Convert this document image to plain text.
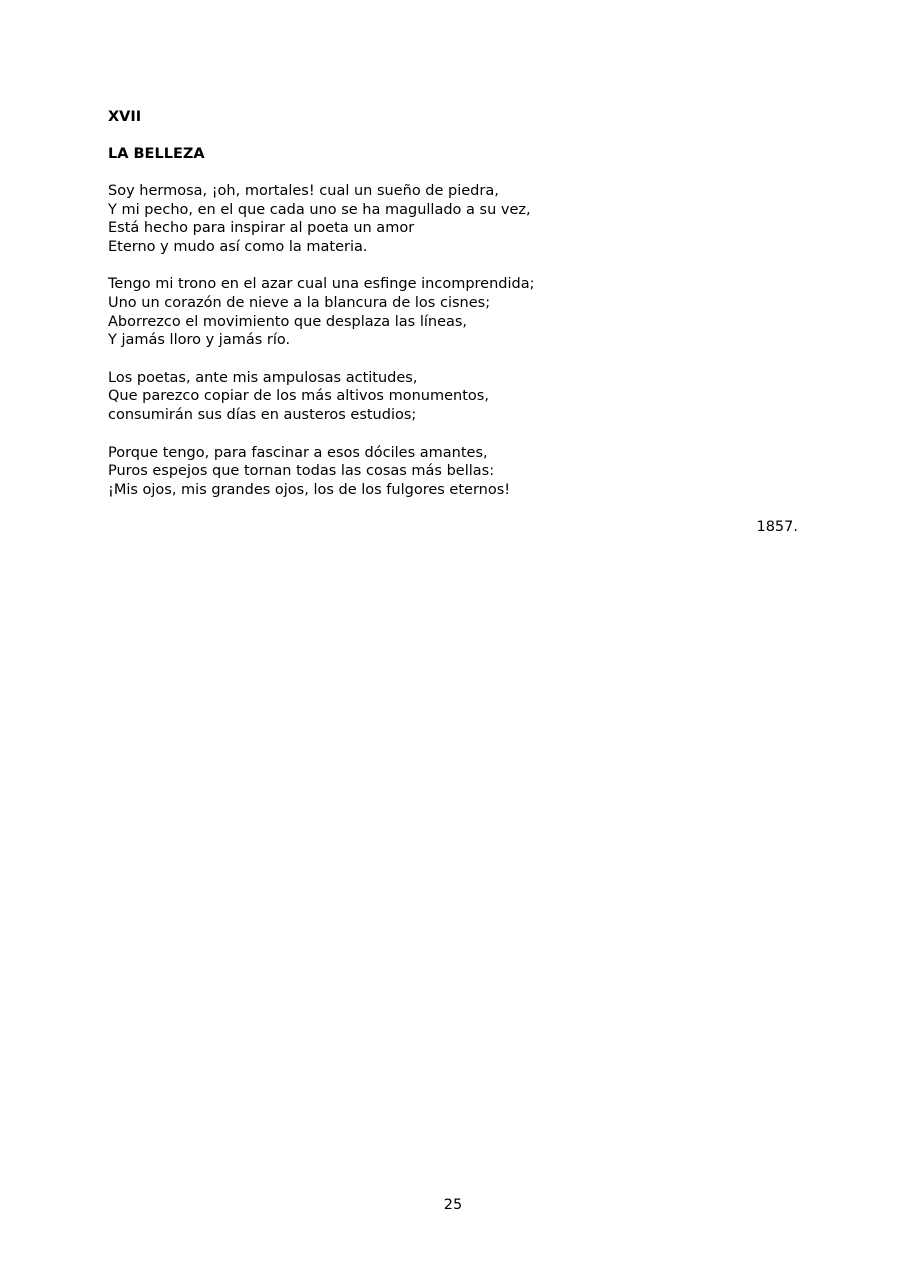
XVII
LA BELLEZA
Soy hermosa, ¡oh, mortales! cual un sueño de piedra,
Y mi pecho, en el que cada uno se ha magullado a su vez,
Está hecho para inspirar al poeta un amor
Eterno y mudo así como la materia.
Tengo mi trono en el azar cual una esfinge incomprendida;
Uno un corazón de nieve a la blancura de los cisnes;
Aborrezco el movimiento que desplaza las líneas,
Y jamás lloro y jamás río.
Los poetas, ante mis ampulosas actitudes,
Que parezco copiar de los más altivos monumentos,
consumirán sus días en austeros estudios;
Porque tengo, para fascinar a esos dóciles amantes,
Puros espejos que tornan todas las cosas más bellas:
¡Mis ojos, mis grandes ojos, los de los fulgores eternos!
1857.
25
